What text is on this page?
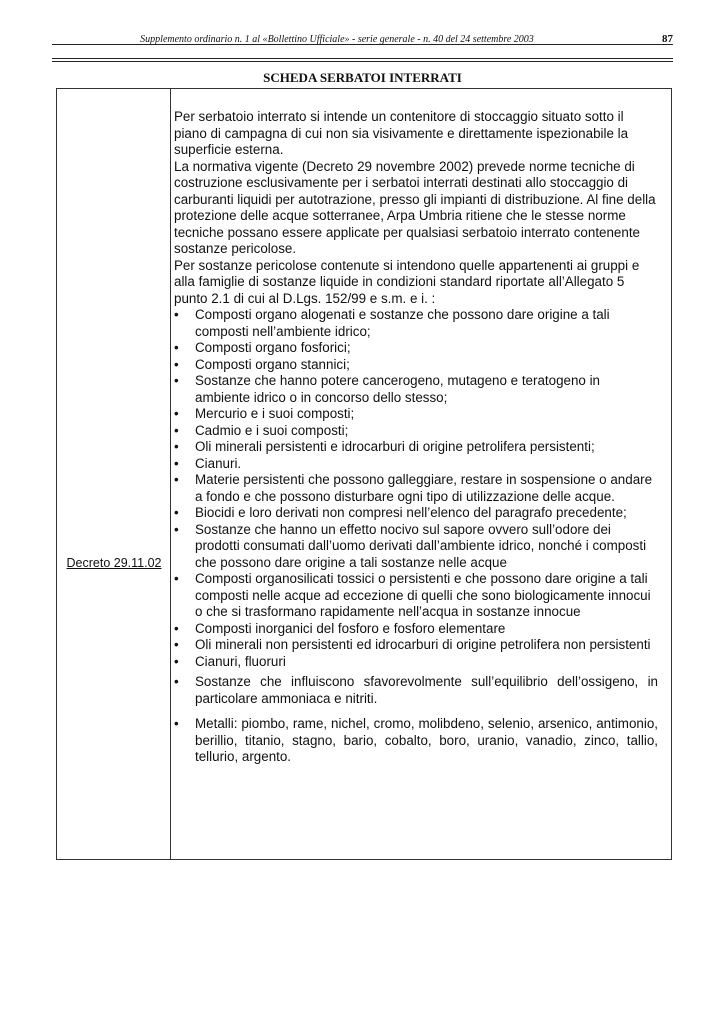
Supplemento ordinario n. 1 al «Bollettino Ufficiale» - serie generale - n. 40 del 24 settembre 2003	87
SCHEDA SERBATOI INTERRATI
Decreto 29.11.02

Per serbatoio interrato si intende un contenitore di stoccaggio situato sotto il piano di campagna di cui non sia visivamente e direttamente ispezionabile la superficie esterna.

La normativa vigente (Decreto 29 novembre 2002) prevede norme tecniche di costruzione esclusivamente per i serbatoi interrati destinati allo stoccaggio di carburanti liquidi per autotrazione, presso gli impianti di distribuzione. Al fine della protezione delle acque sotterranee, Arpa Umbria ritiene che le stesse norme tecniche possano essere applicate per qualsiasi serbatoio interrato contenente sostanze pericolose.

Per sostanze pericolose contenute si intendono quelle appartenenti ai gruppi e alla famiglie di sostanze liquide in condizioni standard riportate all’Allegato 5 punto 2.1 di cui al D.Lgs. 152/99 e s.m. e i. :

•	Composti organo alogenati e sostanze che possono dare origine a tali composti nell’ambiente idrico;
•	Composti organo fosforici;
•	Composti organo stannici;
•	Sostanze che hanno potere cancerogeno, mutageno e teratogeno in ambiente idrico o in concorso dello stesso;
•	Mercurio e i suoi composti;
•	Cadmio e i suoi composti;
•	Oli minerali persistenti e idrocarburi di origine petrolifera persistenti;
•	Cianuri.
•	Materie persistenti che possono galleggiare, restare in sospensione o andare a fondo e che possono disturbare ogni tipo di utilizzazione delle acque.
•	Biocidi e loro derivati non compresi nell’elenco del paragrafo precedente;
•	Sostanze che hanno un effetto nocivo sul sapore ovvero sull’odore dei prodotti consumati dall’uomo derivati dall’ambiente idrico, nonché i composti che possono dare origine a tali sostanze nelle acque
•	Composti organosilicati tossici o persistenti e che possono dare origine a tali composti nelle acque ad eccezione di quelli che sono biologicamente innocui o che si trasformano rapidamente nell’acqua in sostanze innocue
•	Composti inorganici del fosforo e fosforo elementare
•	Oli minerali non persistenti ed idrocarburi di origine petrolifera non persistenti
•	Cianuri, fluoruri
•	Sostanze che influiscono sfavorevolmente sull’equilibrio dell’ossigeno, in particolare ammoniaca e nitriti.
•	Metalli: piombo, rame, nichel, cromo, molibdeno, selenio, arsenico, antimonio, berillio, titanio, stagno, bario, cobalto, boro, uranio, vanadio, zinco, tallio, tellurio, argento.
